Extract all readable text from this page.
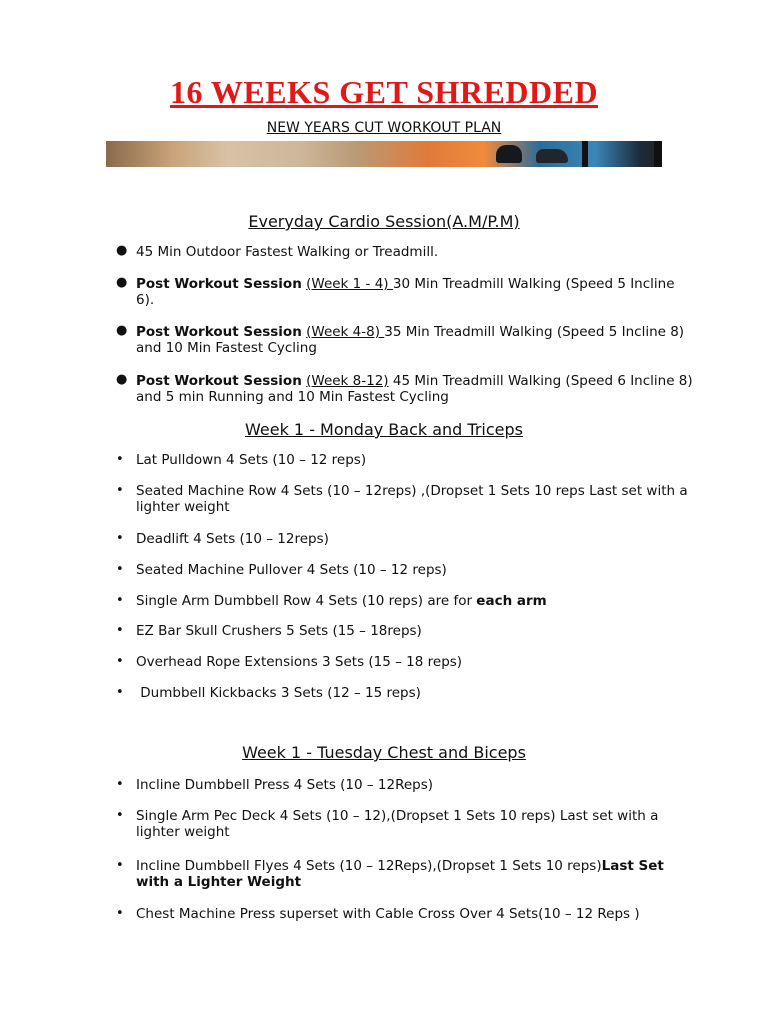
16 WEEKS GET SHREDDED
NEW YEARS CUT WORKOUT PLAN
Everyday Cardio Session(A.M/P.M)
● 45 Min Outdoor Fastest Walking or Treadmill.
● Post Workout Session (Week 1 - 4) 30 Min Treadmill Walking (Speed 5 Incline 6).
● Post Workout Session (Week 4-8) 35 Min Treadmill Walking (Speed 5 Incline 8) and 10 Min Fastest Cycling
● Post Workout Session (Week 8-12) 45 Min Treadmill Walking (Speed 6 Incline 8) and 5 min Running and 10 Min Fastest Cycling
Week 1 - Monday Back and Triceps
• Lat Pulldown 4 Sets (10 – 12 reps)
• Seated Machine Row 4 Sets (10 – 12reps) ,(Dropset 1 Sets 10 reps Last set with a lighter weight
• Deadlift 4 Sets (10 – 12reps)
• Seated Machine Pullover 4 Sets (10 – 12 reps)
• Single Arm Dumbbell Row 4 Sets (10 reps) are for each arm
• EZ Bar Skull Crushers 5 Sets (15 – 18reps)
• Overhead Rope Extensions 3 Sets (15 – 18 reps)
• Dumbbell Kickbacks 3 Sets (12 – 15 reps)
Week 1 - Tuesday Chest and Biceps
• Incline Dumbbell Press 4 Sets (10 – 12Reps)
• Single Arm Pec Deck 4 Sets (10 – 12),(Dropset 1 Sets 10 reps) Last set with a lighter weight
• Incline Dumbbell Flyes 4 Sets (10 – 12Reps),(Dropset 1 Sets 10 reps)Last Set with a Lighter Weight
• Chest Machine Press superset with Cable Cross Over 4 Sets(10 – 12 Reps )
